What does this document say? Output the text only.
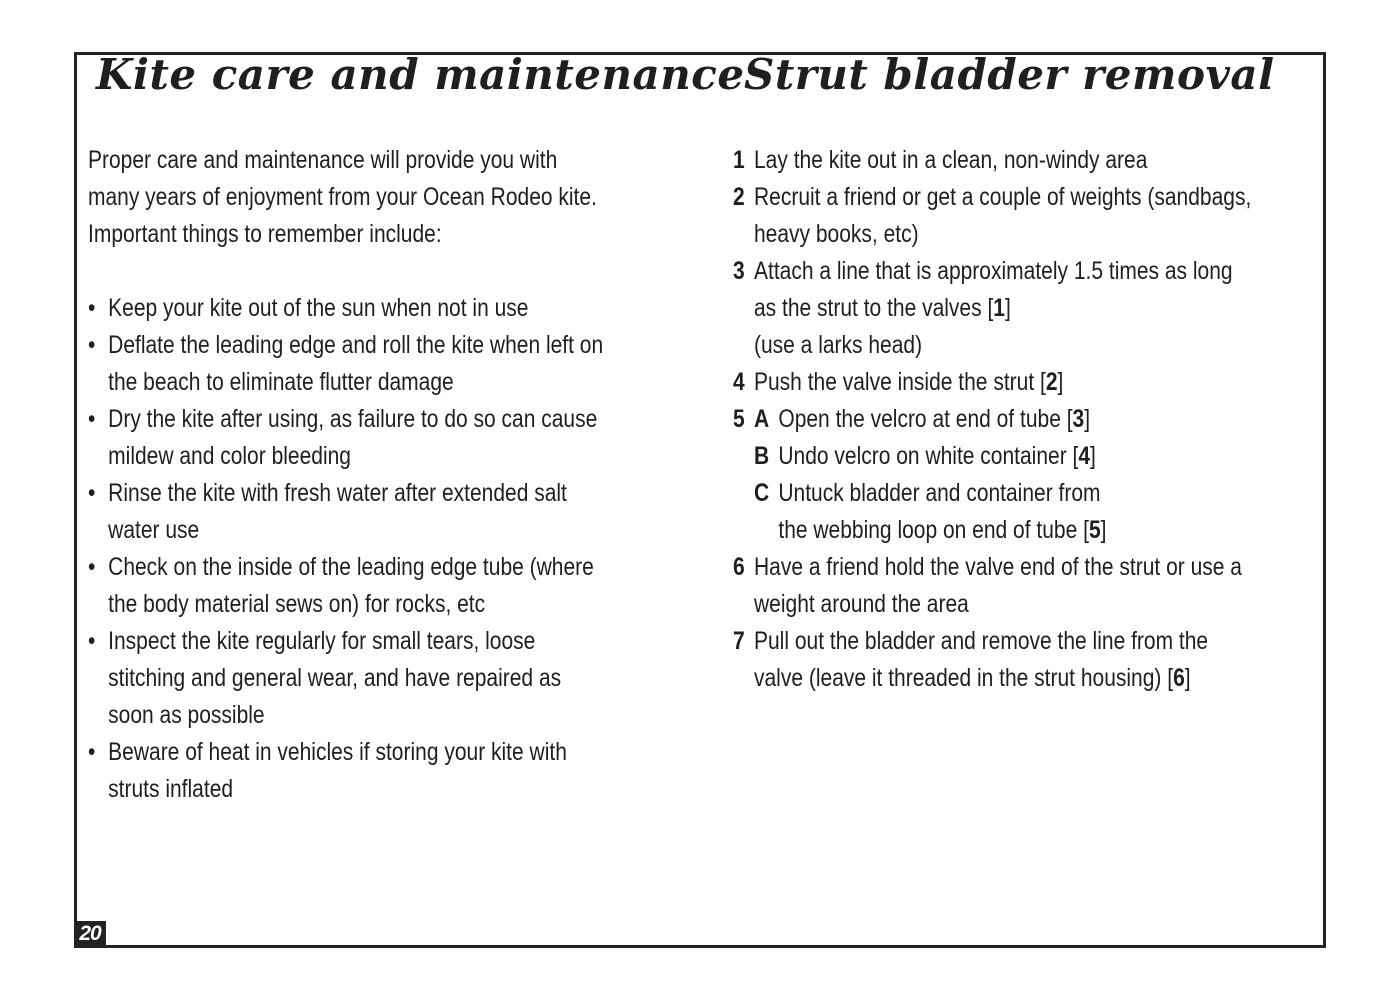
Kite care and maintenance Strut bladder removal

Proper care and maintenance will provide you with
many years of enjoyment from your Ocean Rodeo kite.
Important things to remember include:

• Keep your kite out of the sun when not in use
• Deflate the leading edge and roll the kite when left on
the beach to eliminate flutter damage
• Dry the kite after using, as failure to do so can cause
mildew and color bleeding
• Rinse the kite with fresh water after extended salt
water use
• Check on the inside of the leading edge tube (where
the body material sews on) for rocks, etc
• Inspect the kite regularly for small tears, loose
stitching and general wear, and have repaired as
soon as possible
• Beware of heat in vehicles if storing your kite with
struts inflated
1 Lay the kite out in a clean, non-windy area
2 Recruit a friend or get a couple of weights (sandbags,
heavy books, etc)
3 Attach a line that is approximately 1.5 times as long
as the strut to the valves [1]
(use a larks head)
4 Push the valve inside the strut [2]
5 A Open the velcro at end of tube [3]
B Undo velcro on white container [4]
C Untuck bladder and container from
the webbing loop on end of tube [5]
6 Have a friend hold the valve end of the strut or use a
weight around the area
7 Pull out the bladder and remove the line from the
valve (leave it threaded in the strut housing) [6]
20
